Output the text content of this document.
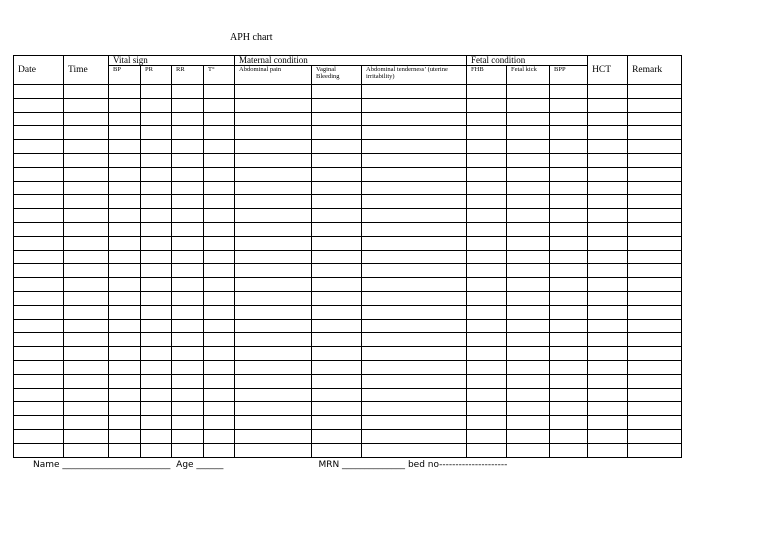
APH chart
Date	Time	Vital sign				Maternal condition			Fetal condition			HCT	Remark
		BP	PR	RR	T°	Abdominal pain	Vaginal Bleeding	Abdominal tenderness’ (uterine irritability)	FHB	Fetal kick	BPP		

Name ________________________ Age ______	MRN ______________ bed no---------------------
